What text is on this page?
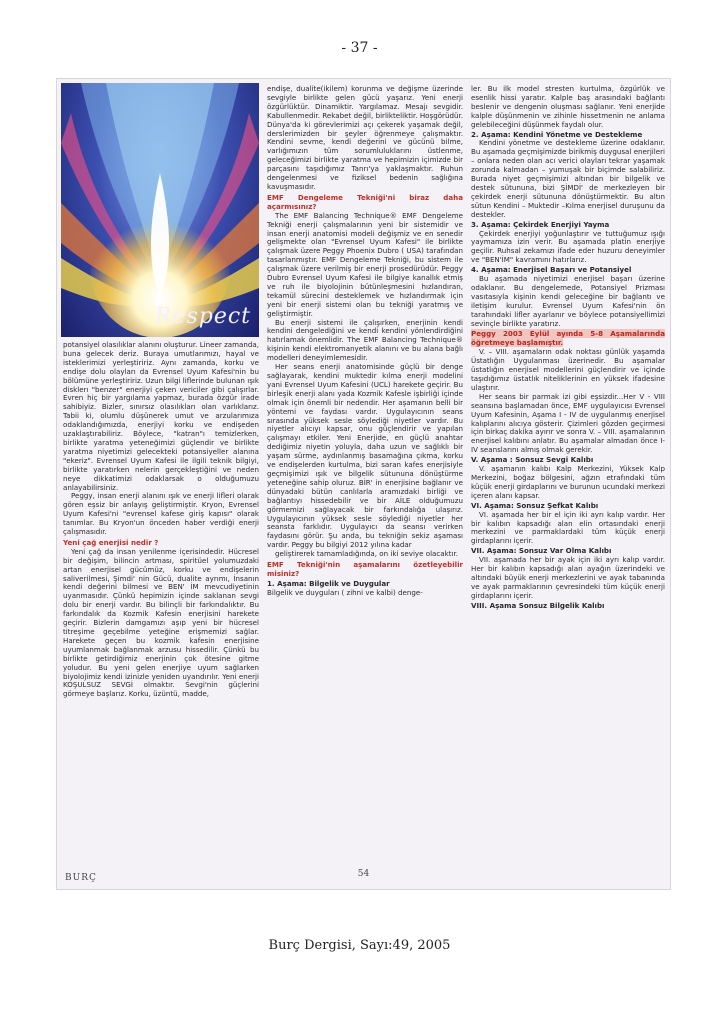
- 37 -
Respect

potansiyel olasılıklar alanını oluşturur. Lineer zamanda, buna gelecek deriz. Buraya umutlarımızı, hayal ve isteklerimizi yerleştiririz. Aynı zamanda, korku ve endişe dolu olayları da Evrensel Uyum Kafesi'nin bu bölümüne yerleştiririz. Uzun bilgi liflerinde bulunan ışık disklerı "benzer" enerjiyi çeken vericiler gibi çalışırlar. Evren hiç bir yargılama yapmaz, burada özgür irade sahibiyiz. Bizler, sınırsız olasılıkları olan varlıklarız. Tabii ki, olumlu düşünerek umut ve arzularımıza odaklandığımızda, enerjiyi korku ve endişeden uzaklaştırabiliriz. Böylece, "katran"ı temizlerken, birlikte yaratma yeteneğimizi güçlendir ve birlikte yaratma niyetimizi gelecekteki potansiyeller alanına "ekeriz". Evrensel Uyum Kafesi ile ilgili teknik bilgiyi, birlikte yaratırken nelerin gerçekleştiğini ve neden neye dikkatimizi odaklarsak o olduğumuzu anlayabilirsiniz.

Peggy, insan enerji alanını ışık ve enerji lifleri olarak gören eşsiz bir anlayış geliştirmiştir. Kryon, Evrensel Uyum Kafesi'ni "evrensel kafese giriş kapısı" olarak tanımlar. Bu Kryon'un önceden haber verdiği enerji çalışmasıdır.

Yeni çağ enerjisi nedir ?

Yeni çağ da insan yenilenme içerisindedir. Hücresel bir değişim, bilincin artması, spiritüel yolumuzdaki artan enerjisel gücümüz, korku ve endişelerin saliverilmesi, Şimdi' nin Gücü, dualite ayrımı, İnsanın kendi değerini bilmesi ve BEN' İM mevcudiyetinin uyanmasıdır. Çünkü hepimizin içinde saklanan sevgi dolu bir enerji vardır. Bu bilinçli bir farkındalıktır. Bu farkındalık da Kozmik Kafesin enerjisini harekete geçirir. Bizlerin damgamızı aşıp yeni bir hücresel titreşime geçebilme yeteğine erişmemizi sağlar. Harekete geçen bu kozmik kafesin enerjisine uyumlanmak bağlanmak arzusu hissedilir. Çünkü bu birlikte getirdiğimiz enerjinin çok ötesine gitme yoludur. Bu yeni gelen enerjiye uyum sağlarken biyolojimiz kendi izinizle yeniden uyandırılır. Yeni enerji KOŞULSUZ SEVGİ olmaktır. Sevgi'nin güçlerini görmeye başlarız. Korku, üzüntü, madde,

endişe, dualite(ikilem) korunma ve değişme üzerinde sevgiyle birlikte gelen gücü yaşarız. Yeni enerji özgürlüktür. Dinamiktir. Yargılamaz. Mesajı sevgidir. Kabullenmedir. Rekabet değil, birlikteliktir. Hoşgörüdür. Dünya'da ki görevlerimizi açı çekerek yaşamak değil, derslerimizden bir şeyler öğrenmeye çalışmaktır. Kendini sevme, kendi değerini ve gücünü bilme, varlığımızın tüm sorumluluklarını üstlenme, geleceğimizi birlikte yaratma ve hepimizin içimizde bir parçasını taşıdığımız Tanrı'ya yaklaşmaktır. Ruhun dengelenmesi ve fiziksel bedenin sağlığına kavuşmasıdır.

EMF Dengeleme Tekniği'ni biraz daha açarmısınız?

The EMF Balancing Technique® EMF Dengeleme Tekniği enerji çalışmalarının yeni bir sistemidir ve insan enerji anatomisi modeli değişmiz ve en senedir gelişmekte olan "Evrensel Uyum Kafesi" ile birlikte çalışmak üzere Peggy Phoenix Dubro ( USA) tarafından tasarlanmıştır. EMF Dengeleme Tekniği, bu sistem ile çalışmak üzere verilmiş bir enerji prosedürüdür. Peggy Dubro Evrensel Uyum Kafesi ile bilgiye kanallık etmiş ve ruh ile biyolojinin bütünleşmesini hızlandıran, tekamül sürecini desteklemek ve hızlandırmak için yeni bir enerji sistemi olan bu tekniği yaratmış ve geliştirmiştir.

Bu enerji sistemi ile çalışırken, enerjinin kendi kendini dengelediğini ve kendi kendini yönlendirdiğini hatırlamak önemlidir. The EMF Balancing Technique® kişinin kendi elektromanyetik alanını ve bu alana bağlı modelleri deneyimlemesidir.

Her seans enerji anatomisinde güçlü bir denge sağlayarak, kendini muktedir kılma enerji modelini yani Evrensel Uyum Kafesini (UCL) harekete geçirir. Bu birleşik enerji alanı yada Kozmik Kafesle işbirliği içinde olmak için önemli bir nedendir. Her aşamanın belli bir yöntemi ve faydası vardır. Uygulayıcının seans sırasında yüksek sesle söylediği niyetler vardır. Bu niyetler alıcıyı kapsar, onu güçlendirir ve yapılan çalışmayı etkiler. Yeni Enerjide, en güçlü anahtar dediğimiz niyetin yoluyla, daha uzun ve sağlıklı bir yaşam sürme, aydınlanmış basamağına çıkma, korku ve endişelerden kurtulma, bizi saran kafes enerjisiyle geçmişimizi ışık ve bilgelik sütununa dönüştürme yeteneğine sahip oluruz. BİR' in enerjisine bağlanır ve dünyadaki bütün canlılarla aramızdaki birliği ve bağlantıyı hissedebilir ve bir AİLE olduğumuzu görmemizi sağlayacak bir farkındalığa ulaşırız. Uygulayıcının yüksek sesle söylediği niyetler her seansta farklıdır. Uygulayıcı da seansı verirken faydasını görür. Şu anda, bu tekniğin sekiz aşaması vardır. Peggy bu bilgiyi 2012 yılına kadar

geliştirerek tamamladığında, on iki seviye olacaktır.

EMF Tekniği'nin aşamalarını özetleyebilir misiniz?

1. Aşama: Bilgelik ve Duygular

Bilgelik ve duyguları ( zihni ve kalbi) denge-

ler. Bu ilk model stresten kurtulma, özgürlük ve esenlik hissi yaratır. Kalple baş arasındaki bağlantı beslenir ve dengenin oluşması sağlanır. Yeni enerjide kalple düşünmenin ve zihinle hissetmenin ne anlama gelebileceğini düşünmek faydalı olur.

2. Aşama: Kendini Yönetme ve Destekleme

Kendini yönetme ve destekleme üzerine odaklanır. Bu aşamada geçmişimizde birikmiş duygusal enerjileri – onlara neden olan acı verici olayları tekrar yaşamak zorunda kalmadan – yumuşak bir biçimde salabiliriz. Burada niyet geçmişimizi altından bir bilgelik ve destek sütununa, bizi ŞİMDİ' de merkezleyen bir çekirdek enerji sütununa dönüştürmektir. Bu altın sütun Kendini – Muktedir –Kılma enerjisel duruşunu da destekler.

3. Aşama: Çekirdek Enerjiyi Yayma

Çekirdek enerjiyi yoğunlaştırır ve tuttuğumuz ışığı yaymamıza izin verir. Bu aşamada platin enerjiye geçilir. Ruhsal zekamızı ifade eder huzuru deneyimler ve "BEN'İM" kavramını hatırlarız.

4. Aşama: Enerjisel Başarı ve Potansiyel

Bu aşamada niyetimizi enerjisel başarı üzerine odaklanır. Bu dengelemede, Potansiyel Prizması vasıtasıyla kişinin kendi geleceğine bir bağlantı ve iletişim kurulur. Evrensel Uyum Kafesi'nin ön tarahındaki lifler ayarlanır ve böylece potansiyellimizi sevinçle birlikte yaratırız.

Peggy 2003 Eylül ayında 5-8 Aşamalarında öğretmeye başlamıştır.

V. – VIII. aşamaların odak noktası günlük yaşamda Üstatlığın Uygulanması üzerinedir. Bu aşamalar üstatlığın enerjisel modellerini güçlendirir ve içinde taşıdığımız üstatlık niteliklerinin en yüksek ifadesine ulaştırır.

Her seans bir parmak izi gibi eşsizdir...Her V - VIII seansına başlamadan önce, EMF uygulayıcısı Evrensel Uyum Kafesinin, Aşama I - IV de uygulanmış enerjisel kalıplarını alıcıya gösterir. Çizimleri gözden geçirmesi için birkaç dakika ayırır ve sonra V. – VIII. aşamalarının enerjisel kalıbını anlatır. Bu aşamalar almadan önce I-IV seanslarını almış olmak gerekir.

V. Aşama : Sonsuz Sevgi Kalıbı

V. aşamanın kalıbı Kalp Merkezini, Yüksek Kalp Merkezini, boğaz bölgesini, ağzın etrafındaki tüm küçük enerji girdaplarını ve burunun ucundaki merkezi içeren alanı kapsar.

VI. Aşama: Sonsuz Şefkat Kalıbı

VI. aşamada her bir el için iki ayrı kalıp vardır. Her bir kalıbın kapsadığı alan elin ortasındaki enerji merkezini ve parmaklardaki tüm küçük enerji girdaplarını içerir.

VII. Aşama: Sonsuz Var Olma Kalıbı

VII. aşamada her bir ayak için iki ayrı kalıp vardır. Her bir kalıbın kapsadığı alan ayağın üzerindeki ve altındaki büyük enerji merkezlerini ve ayak tabanında ve ayak parmaklarının çevresindeki tüm küçük enerji girdaplarını içerir.

VIII. Aşama Sonsuz Bilgelik Kalıbı

BURÇ	54
Burç Dergisi, Sayı:49, 2005
